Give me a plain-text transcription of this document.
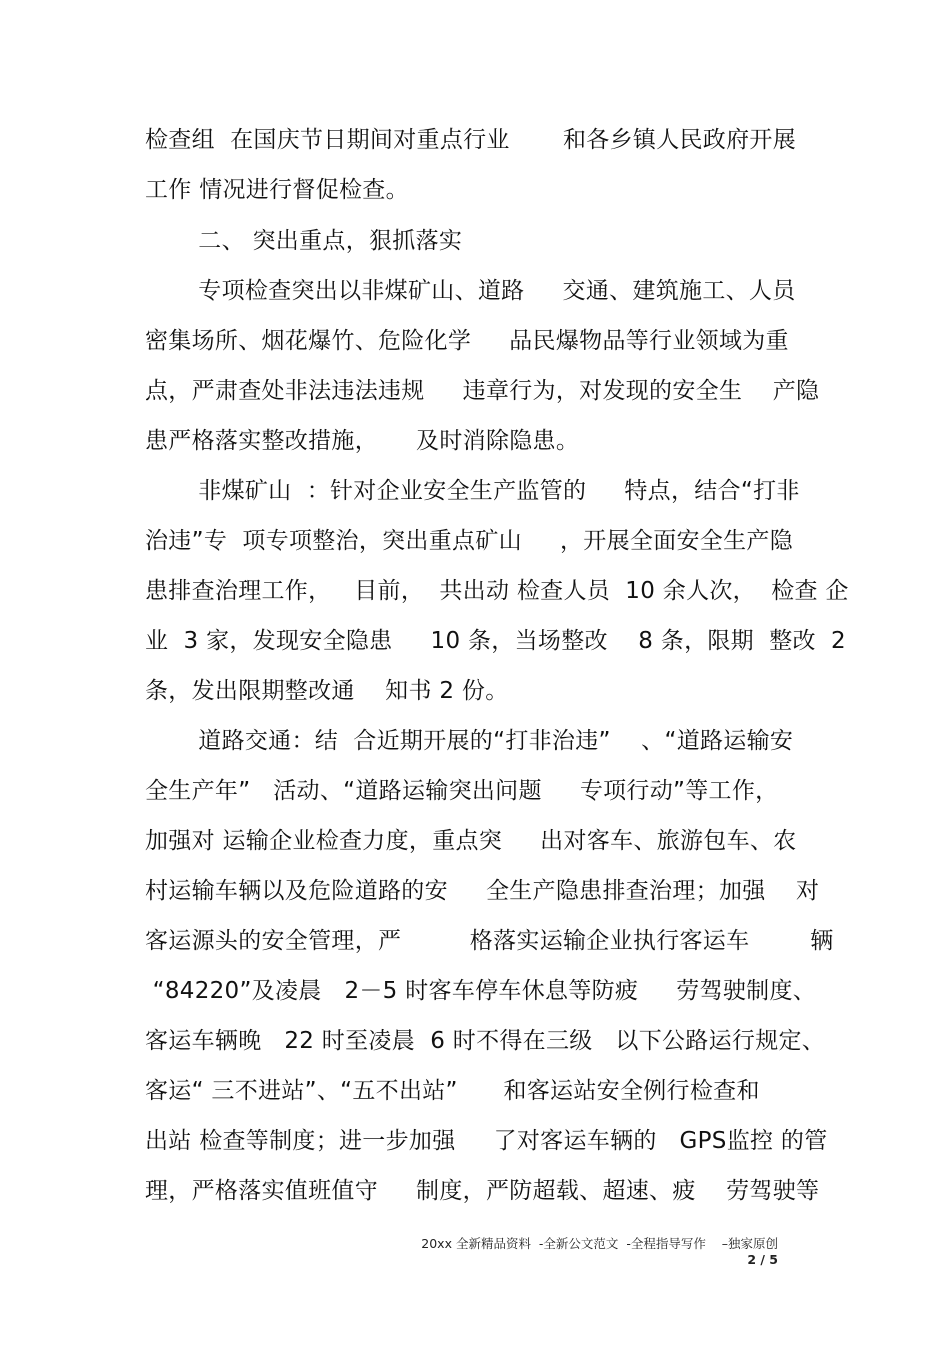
检查组  在国庆节日期间对重点行业       和各乡镇人民政府开展
工作 情况进行督促检查。
二、 突出重点，狠抓落实
专项检查突出以非煤矿山、道路     交通、建筑施工、人员
密集场所、烟花爆竹、危险化学     品民爆物品等行业领域为重
点，严肃查处非法违法违规     违章行为，对发现的安全生    产隐
患严格落实整改措施，     及时消除隐患。
非煤矿山  ：针对企业安全生产监管的     特点，结合“打非
治违”专  项专项整治，突出重点矿山     ，开展全面安全生产隐
患排查治理工作，   目前，  共出动 检查人员  10 余人次，  检查 企
业  3 家，发现安全隐患     10 条，当场整改    8 条，限期  整改  2
条，发出限期整改通    知书 2 份。
道路交通：结  合近期开展的“打非治违”    、“道路运输安
全生产年”   活动、“道路运输突出问题     专项行动”等工作，
加强对 运输企业检查力度，重点突     出对客车、旅游包车、农
村运输车辆以及危险道路的安     全生产隐患排查治理；加强    对
客运源头的安全管理，严         格落实运输企业执行客运车        辆
“84220”及凌晨   2－5 时客车停车休息等防疲     劳驾驶制度、
客运车辆晚   22 时至凌晨  6 时不得在三级   以下公路运行规定、
客运“ 三不进站”、“五不出站”      和客运站安全例行检查和
出站 检查等制度；进一步加强     了对客运车辆的   GPS监控 的管
理，严格落实值班值守     制度，严防超载、超速、疲    劳驾驶等
20xx 全新精品资料  -全新公文范文  -全程指导写作    –独家原创
2 / 5
